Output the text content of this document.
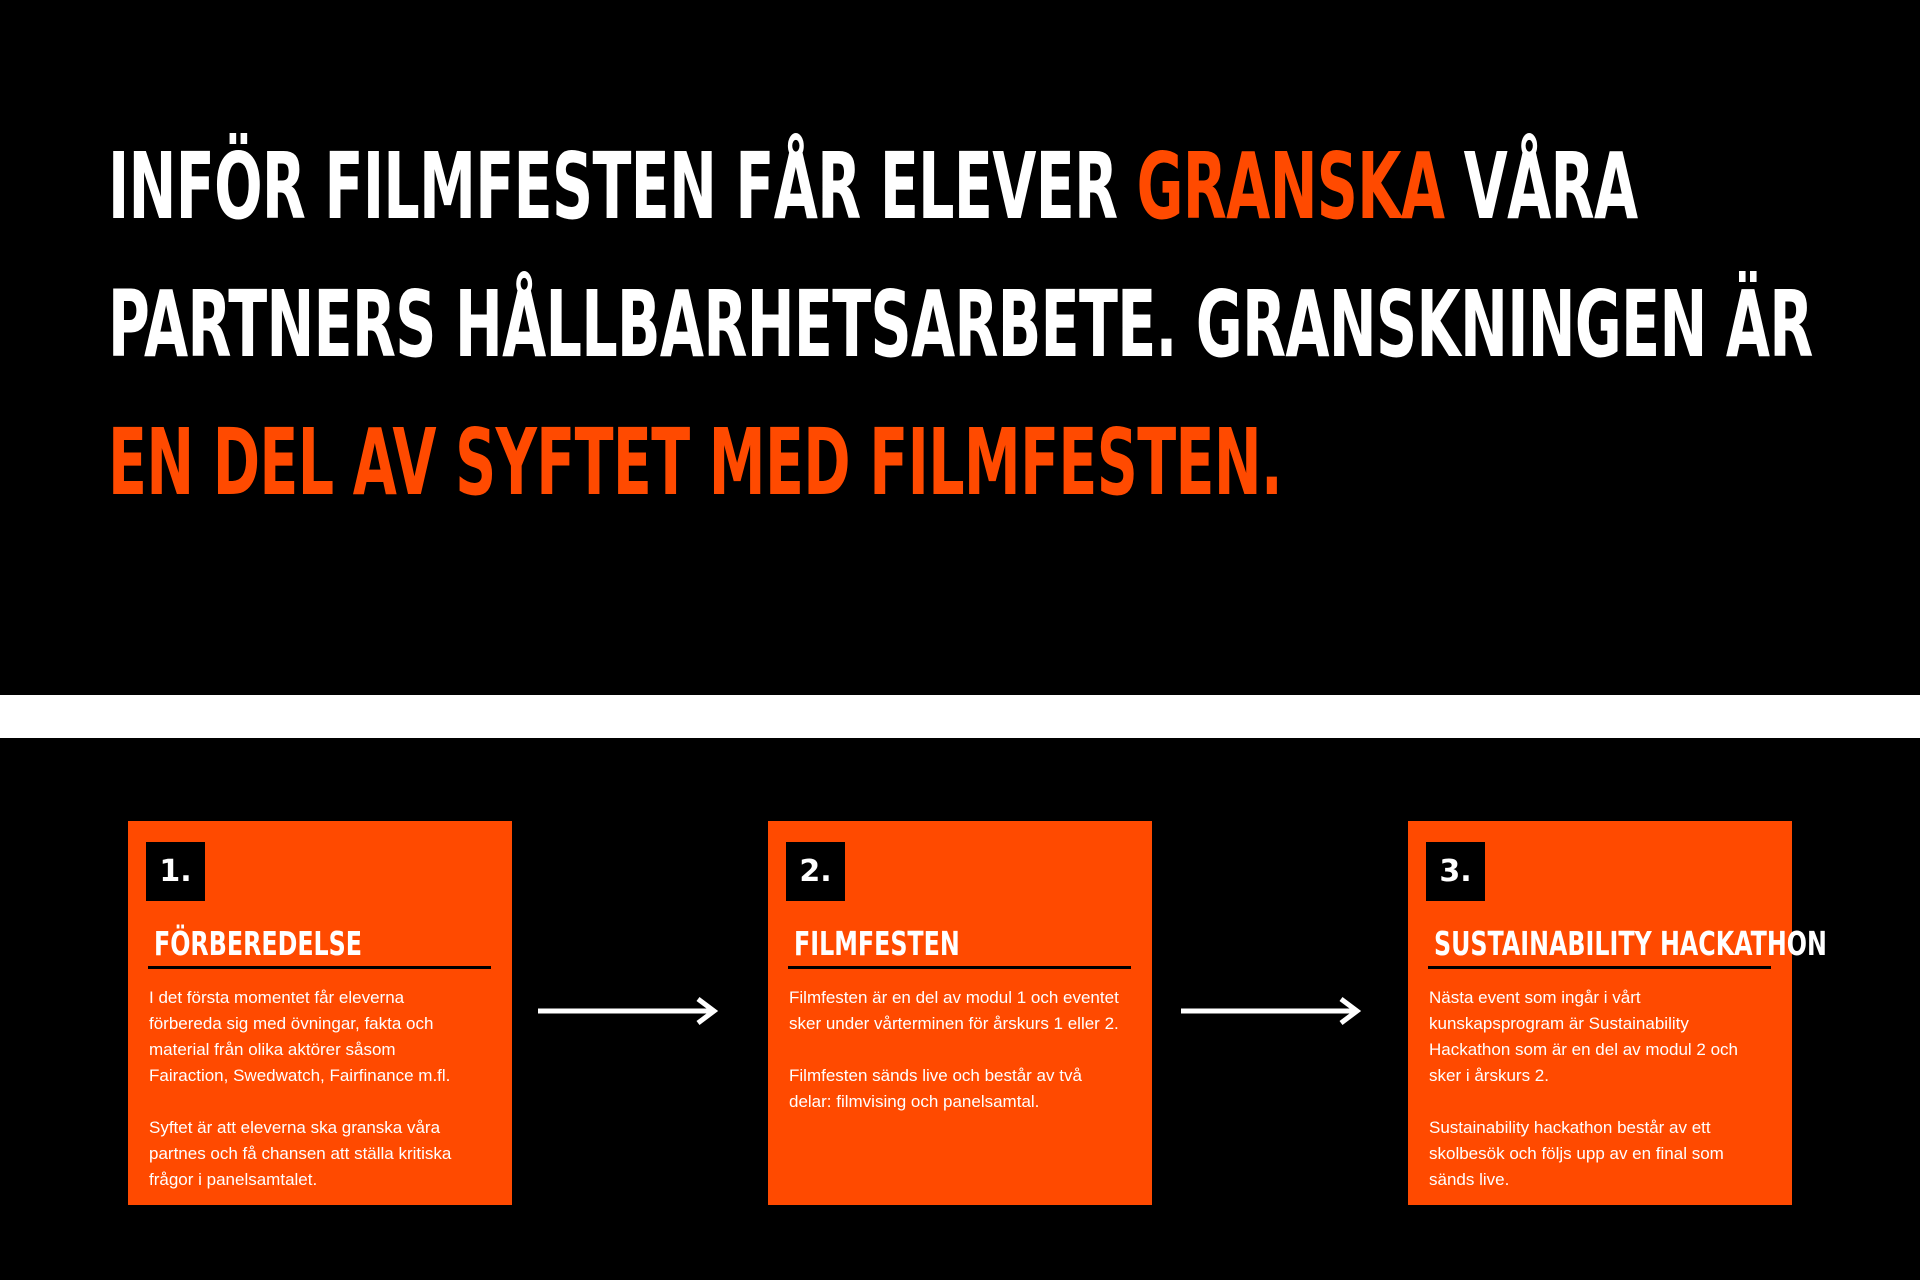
INFÖR FILMFESTEN FÅR ELEVER GRANSKA VÅRA PARTNERS HÅLLBARHETSARBETE. GRANSKNINGEN ÄR EN DEL AV SYFTET MED FILMFESTEN.
1.
FÖRBEREDELSE

I det första momentet får eleverna förbereda sig med övningar, fakta och material från olika aktörer såsom Fairaction, Swedwatch, Fairfinance m.fl.

Syftet är att eleverna ska granska våra partnes och få chansen att ställa kritiska frågor i panelsamtalet.

2.
FILMFESTEN

Filmfesten är en del av modul 1 och eventet sker under vårterminen för årskurs 1 eller 2.

Filmfesten sänds live och består av två delar: filmvising och panelsamtal.

3.
SUSTAINABILITY HACKATHON

Nästa event som ingår i vårt kunskapsprogram är Sustainability Hackathon som är en del av modul 2 och sker i årskurs 2.

Sustainability hackathon består av ett skolbesök och följs upp av en final som sänds live.
